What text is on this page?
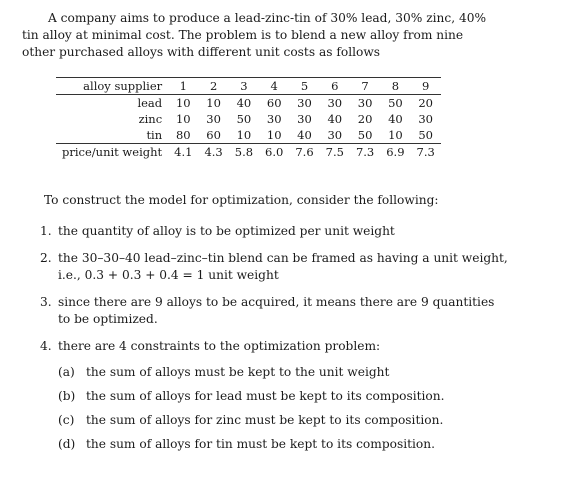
A company aims to produce a lead-zinc-tin of 30% lead, 30% zinc, 40%
tin alloy at minimal cost. The problem is to blend a new alloy from nine
other purchased alloys with different unit costs as follows
alloy supplier	1	2	3	4	5	6	7	8	9
lead	10	10	40	60	30	30	30	50	20
zinc	10	30	50	30	30	40	20	40	30
tin	80	60	10	10	40	30	50	10	50
price/unit weight	4.1	4.3	5.8	6.0	7.6	7.5	7.3	6.9	7.3
To construct the model for optimization, consider the following:
1. the quantity of alloy is to be optimized per unit weight
2. the 30–30–40 lead–zinc–tin blend can be framed as having a unit weight,
i.e., 0.3 + 0.3 + 0.4 = 1 unit weight
3. since there are 9 alloys to be acquired, it means there are 9 quantities
to be optimized.
4. there are 4 constraints to the optimization problem:
(a) the sum of alloys must be kept to the unit weight
(b) the sum of alloys for lead must be kept to its composition.
(c) the sum of alloys for zinc must be kept to its composition.
(d) the sum of alloys for tin must be kept to its composition.
